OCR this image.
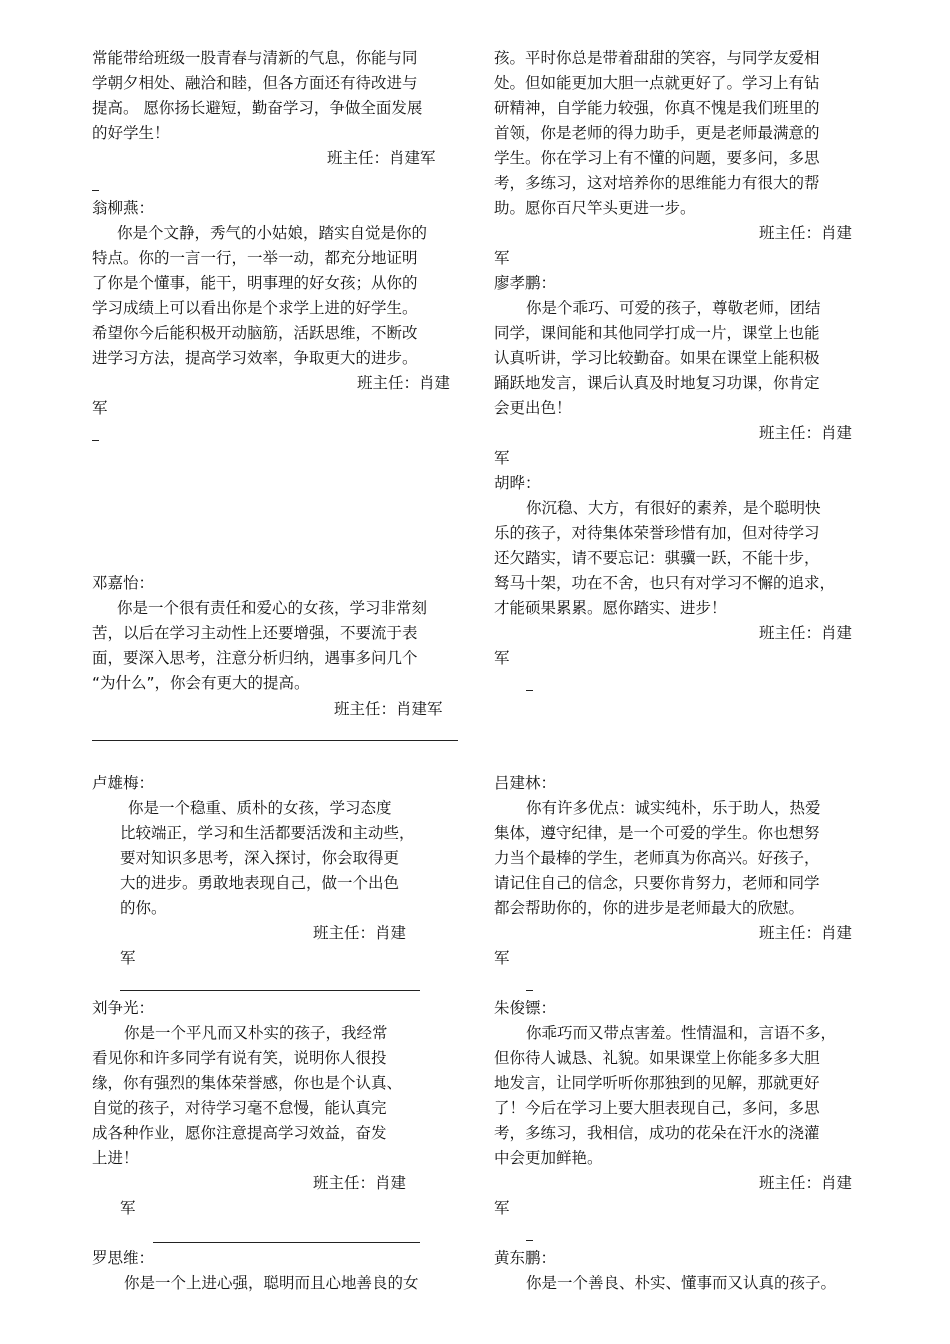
常能带给班级一股青春与清新的气息，你能与同
学朝夕相处、融洽和睦，但各方面还有待改进与
提高。 愿你扬长避短，勤奋学习，争做全面发展
的好学生！
班主任：肖建军
翁柳燕：
你是个文静，秀气的小姑娘，踏实自觉是你的
特点。你的一言一行，一举一动，都充分地证明
了你是个懂事，能干，明事理的好女孩；从你的
学习成绩上可以看出你是个求学上进的好学生。
希望你今后能积极开动脑筋，活跃思维，不断改
进学习方法，提高学习效率，争取更大的进步。
班主任：肖建
军
邓嘉怡：
你是一个很有责任和爱心的女孩，学习非常刻
苦，以后在学习主动性上还要增强，不要流于表
面，要深入思考，注意分析归纳，遇事多问几个
“为什么”，你会有更大的提高。
班主任：肖建军
孩。平时你总是带着甜甜的笑容，与同学友爱相
处。但如能更加大胆一点就更好了。学习上有钻
研精神，自学能力较强，你真不愧是我们班里的
首领，你是老师的得力助手，更是老师最满意的
学生。你在学习上有不懂的问题，要多问，多思
考，多练习，这对培养你的思维能力有很大的帮
助。愿你百尺竿头更进一步。
班主任：肖建
军
廖孝鹏：
你是个乖巧、可爱的孩子，尊敬老师，团结
同学，课间能和其他同学打成一片，课堂上也能
认真听讲，学习比较勤奋。如果在课堂上能积极
踊跃地发言，课后认真及时地复习功课，你肯定
会更出色！
班主任：肖建
军
胡晔：
你沉稳、大方，有很好的素养，是个聪明快
乐的孩子，对待集体荣誉珍惜有加，但对待学习
还欠踏实，请不要忘记：骐骥一跃，不能十步，
驽马十架，功在不舍，也只有对学习不懈的追求，
才能硕果累累。愿你踏实、进步！
班主任：肖建
军
卢雄梅：
你是一个稳重、质朴的女孩，学习态度
比较端正，学习和生活都要活泼和主动些，
要对知识多思考，深入探讨，你会取得更
大的进步。勇敢地表现自己，做一个出色
的你。
班主任：肖建
军
刘争光：
你是一个平凡而又朴实的孩子，我经常
看见你和许多同学有说有笑，说明你人很投
缘，你有强烈的集体荣誉感，你也是个认真、
自觉的孩子，对待学习毫不怠慢，能认真完
成各种作业，愿你注意提高学习效益，奋发
上进！
班主任：肖建
军
罗思维：
你是一个上进心强，聪明而且心地善良的女
吕建林：
你有许多优点：诚实纯朴，乐于助人，热爱
集体，遵守纪律，是一个可爱的学生。你也想努
力当个最棒的学生，老师真为你高兴。好孩子，
请记住自己的信念，只要你肯努力，老师和同学
都会帮助你的，你的进步是老师最大的欣慰。
班主任：肖建
军
朱俊镖：
你乖巧而又带点害羞。性情温和，言语不多，
但你待人诚恳、礼貌。如果课堂上你能多多大胆
地发言，让同学听听你那独到的见解，那就更好
了！今后在学习上要大胆表现自己，多问，多思
考，多练习，我相信，成功的花朵在汗水的浇灌
中会更加鲜艳。
班主任：肖建
军
黄东鹏：
你是一个善良、朴实、懂事而又认真的孩子。
